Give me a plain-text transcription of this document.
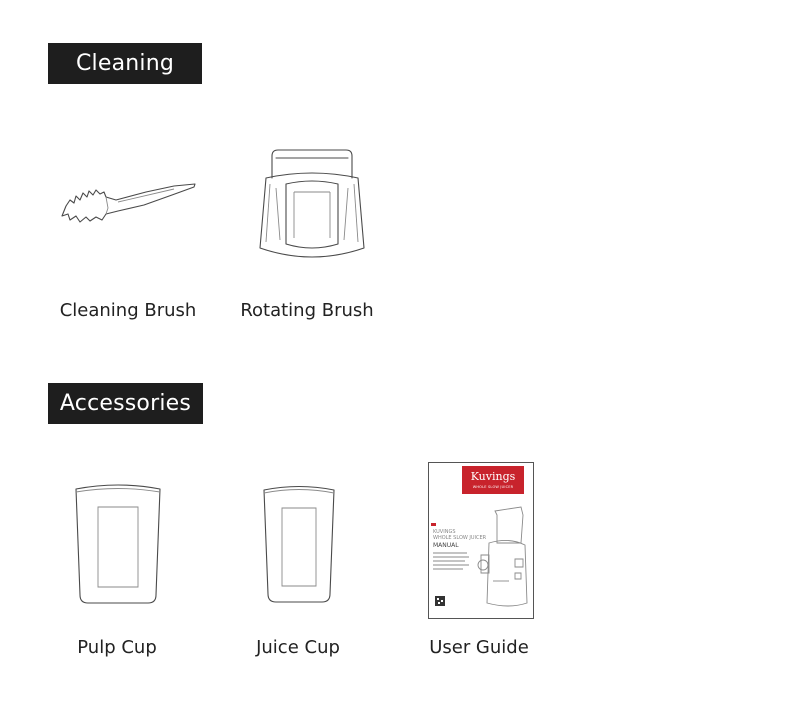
Cleaning
Cleaning Brush	Rotating Brush
Accessories
Pulp Cup	Juice Cup
Kuvings
WHOLE SLOW JUICER
KUVINGS
WHOLE SLOW JUICER
MANUAL
User Guide
